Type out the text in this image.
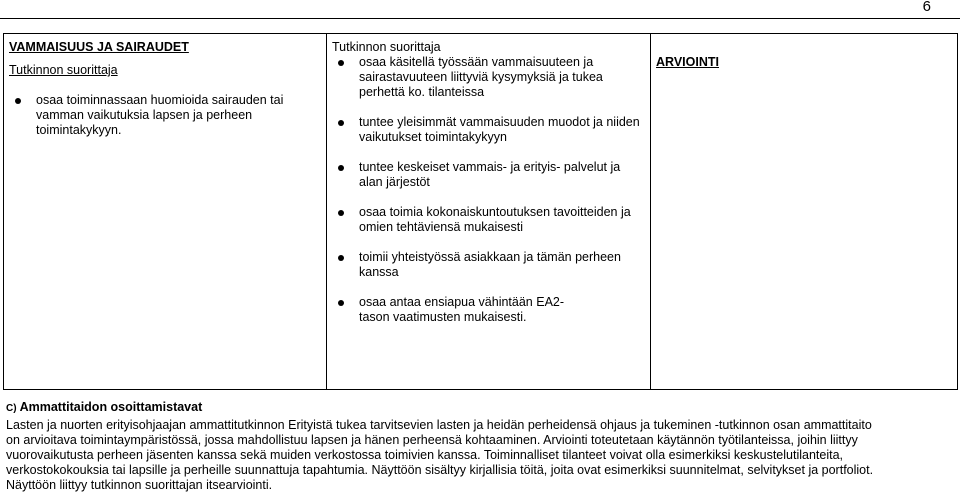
6
VAMMAISUUS JA SAIRAUDET
Tutkinnon suorittaja
osaa toiminnassaan huomioida sairauden tai vamman vaikutuksia lapsen ja perheen toimintakykyyn.

Tutkinnon suorittaja
osaa käsitellä työssään vammaisuuteen ja sairastavuuteen liittyviä kysymyksiä ja tukea perhettä ko. tilanteissa
tuntee yleisimmät vammaisuuden muodot ja niiden vaikutukset toimintakykyyn
tuntee keskeiset vammais- ja erityis- palvelut ja alan järjestöt
osaa toimia kokonaiskuntoutuksen tavoitteiden ja omien tehtäviensä mukaisesti
toimii yhteistyössä asiakkaan ja tämän perheen kanssa
osaa antaa ensiapua vähintään EA2-tason vaatimusten mukaisesti.

ARVIOINTI
C) Ammattitaidon osoittamistavat
Lasten ja nuorten erityisohjaajan ammattitutkinnon Erityistä tukea tarvitsevien lasten ja heidän perheidensä ohjaus ja tukeminen -tutkinnon osan ammattitaito
on arvioitava toimintaympäristössä, jossa mahdollistuu lapsen ja hänen perheensä kohtaaminen. Arviointi toteutetaan käytännön työtilanteissa, joihin liittyy
vuorovaikutusta perheen jäsenten kanssa sekä muiden verkostossa toimivien kanssa. Toiminnalliset tilanteet voivat olla esimerkiksi keskustelutilanteita,
verkostokokouksia tai lapsille ja perheille suunnattuja tapahtumia. Näyttöön sisältyy kirjallisia töitä, joita ovat esimerkiksi suunnitelmat, selvitykset ja portfoliot.
Näyttöön liittyy tutkinnon suorittajan itsearviointi.
